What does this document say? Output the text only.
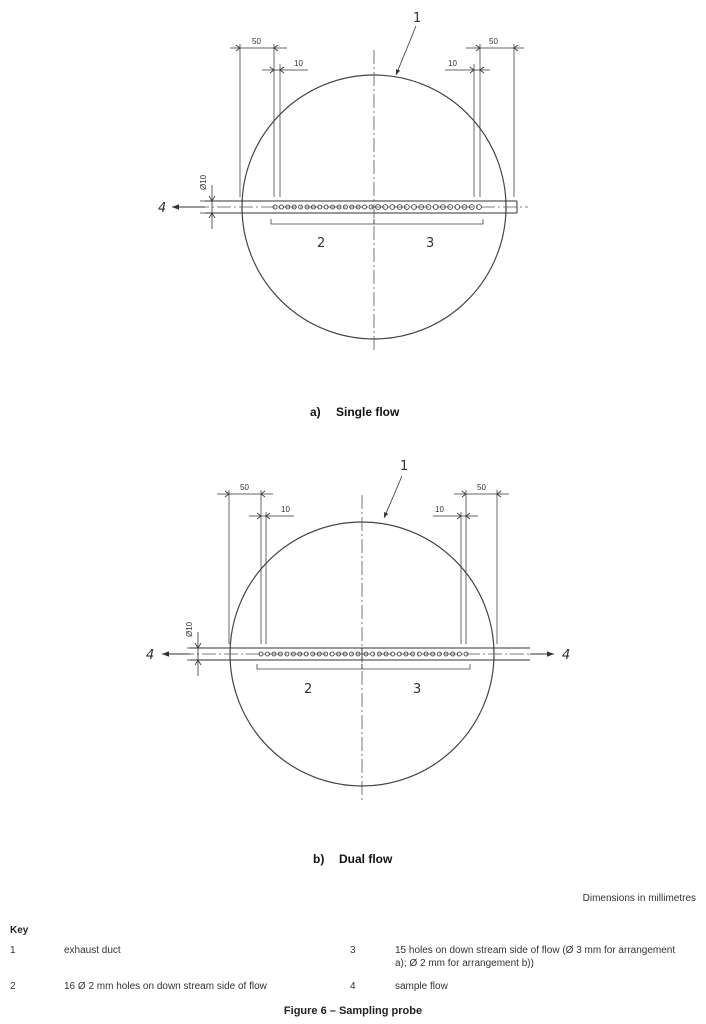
4
50	50
10	10
Ø10
2	3
1
4	4
50	50
10	10
Ø10
2	3
1
a) Single flow
b) Dual flow
Dimensions in millimetres
Key
1	exhaust duct
2	16 Ø 2 mm holes on down stream side of flow
3	15 holes on down stream side of flow (Ø 3 mm for arrangement a); Ø 2 mm for arrangement b))
4	sample flow
Figure 6 – Sampling probe
